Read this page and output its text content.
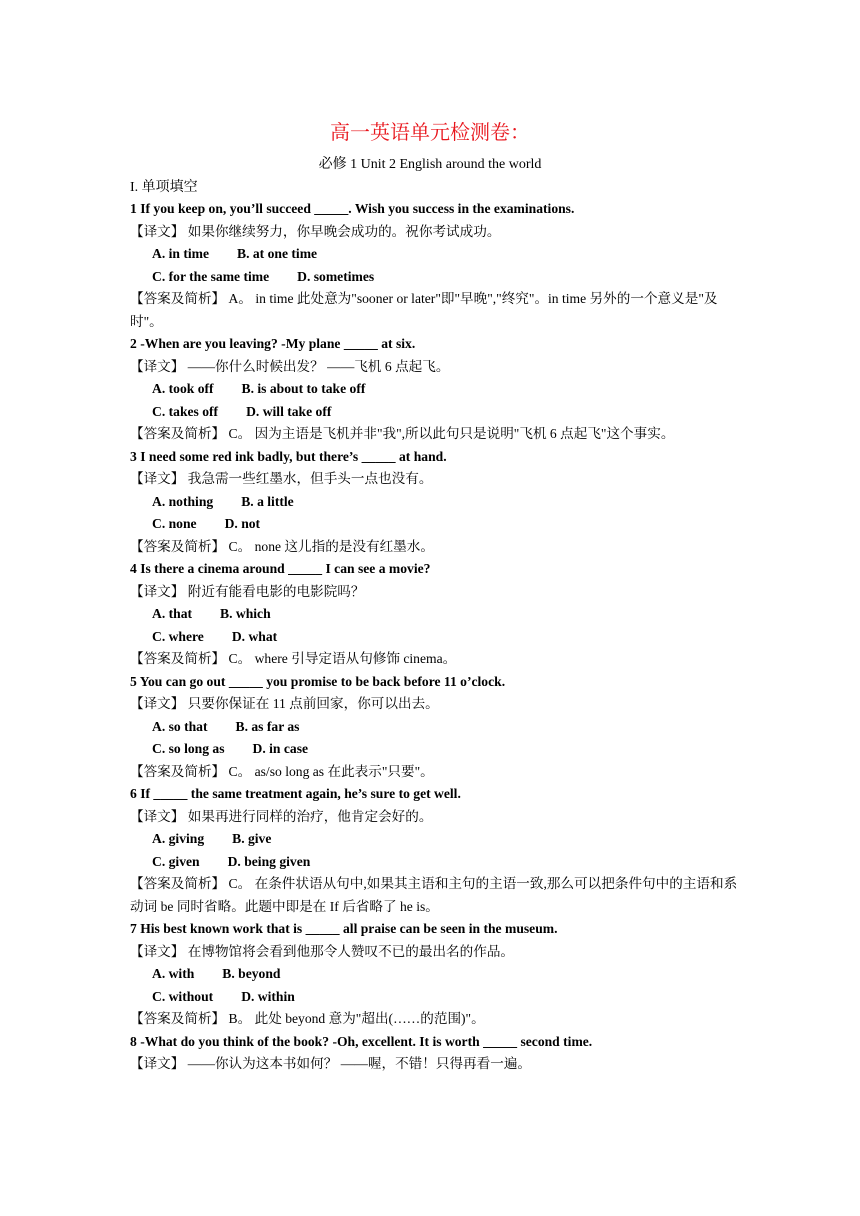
高一英语单元检测卷：
必修 1 Unit 2 English around the world
I. 单项填空
1 If you keep on, you’ll succeed _____. Wish you success in the examinations.
【译文】 如果你继续努力，你早晚会成功的。祝你考试成功。
A. in time B. at one time
C. for the same time D. sometimes
【答案及简析】 A。 in time 此处意为"sooner or later"即"早晚","终究"。in time 另外的一个意义是"及时"。
2 -When are you leaving? -My plane _____ at six.
【译文】 ——你什么时候出发？ ——飞机 6 点起飞。
A. took off B. is about to take off
C. takes off D. will take off
【答案及简析】 C。 因为主语是飞机并非"我",所以此句只是说明"飞机 6 点起飞"这个事实。
3 I need some red ink badly, but there’s _____ at hand.
【译文】 我急需一些红墨水，但手头一点也没有。
A. nothing B. a little
C. none D. not
【答案及简析】 C。 none 这儿指的是没有红墨水。
4 Is there a cinema around _____ I can see a movie?
【译文】 附近有能看电影的电影院吗？
A. that B. which
C. where D. what
【答案及简析】 C。 where 引导定语从句修饰 cinema。
5 You can go out _____ you promise to be back before 11 o’clock.
【译文】 只要你保证在 11 点前回家，你可以出去。
A. so that B. as far as
C. so long as D. in case
【答案及简析】 C。 as/so long as 在此表示"只要"。
6 If _____ the same treatment again, he’s sure to get well.
【译文】 如果再进行同样的治疗，他肯定会好的。
A. giving B. give
C. given D. being given
【答案及简析】 C。 在条件状语从句中,如果其主语和主句的主语一致,那么可以把条件句中的主语和系动词 be 同时省略。此题中即是在 If 后省略了 he is。
7 His best known work that is _____ all praise can be seen in the museum.
【译文】 在博物馆将会看到他那令人赞叹不已的最出名的作品。
A. with B. beyond
C. without D. within
【答案及简析】 B。 此处 beyond 意为"超出(……的范围)"。
8 -What do you think of the book? -Oh, excellent. It is worth _____ second time.
【译文】 ——你认为这本书如何？ ——喔，不错！只得再看一遍。
